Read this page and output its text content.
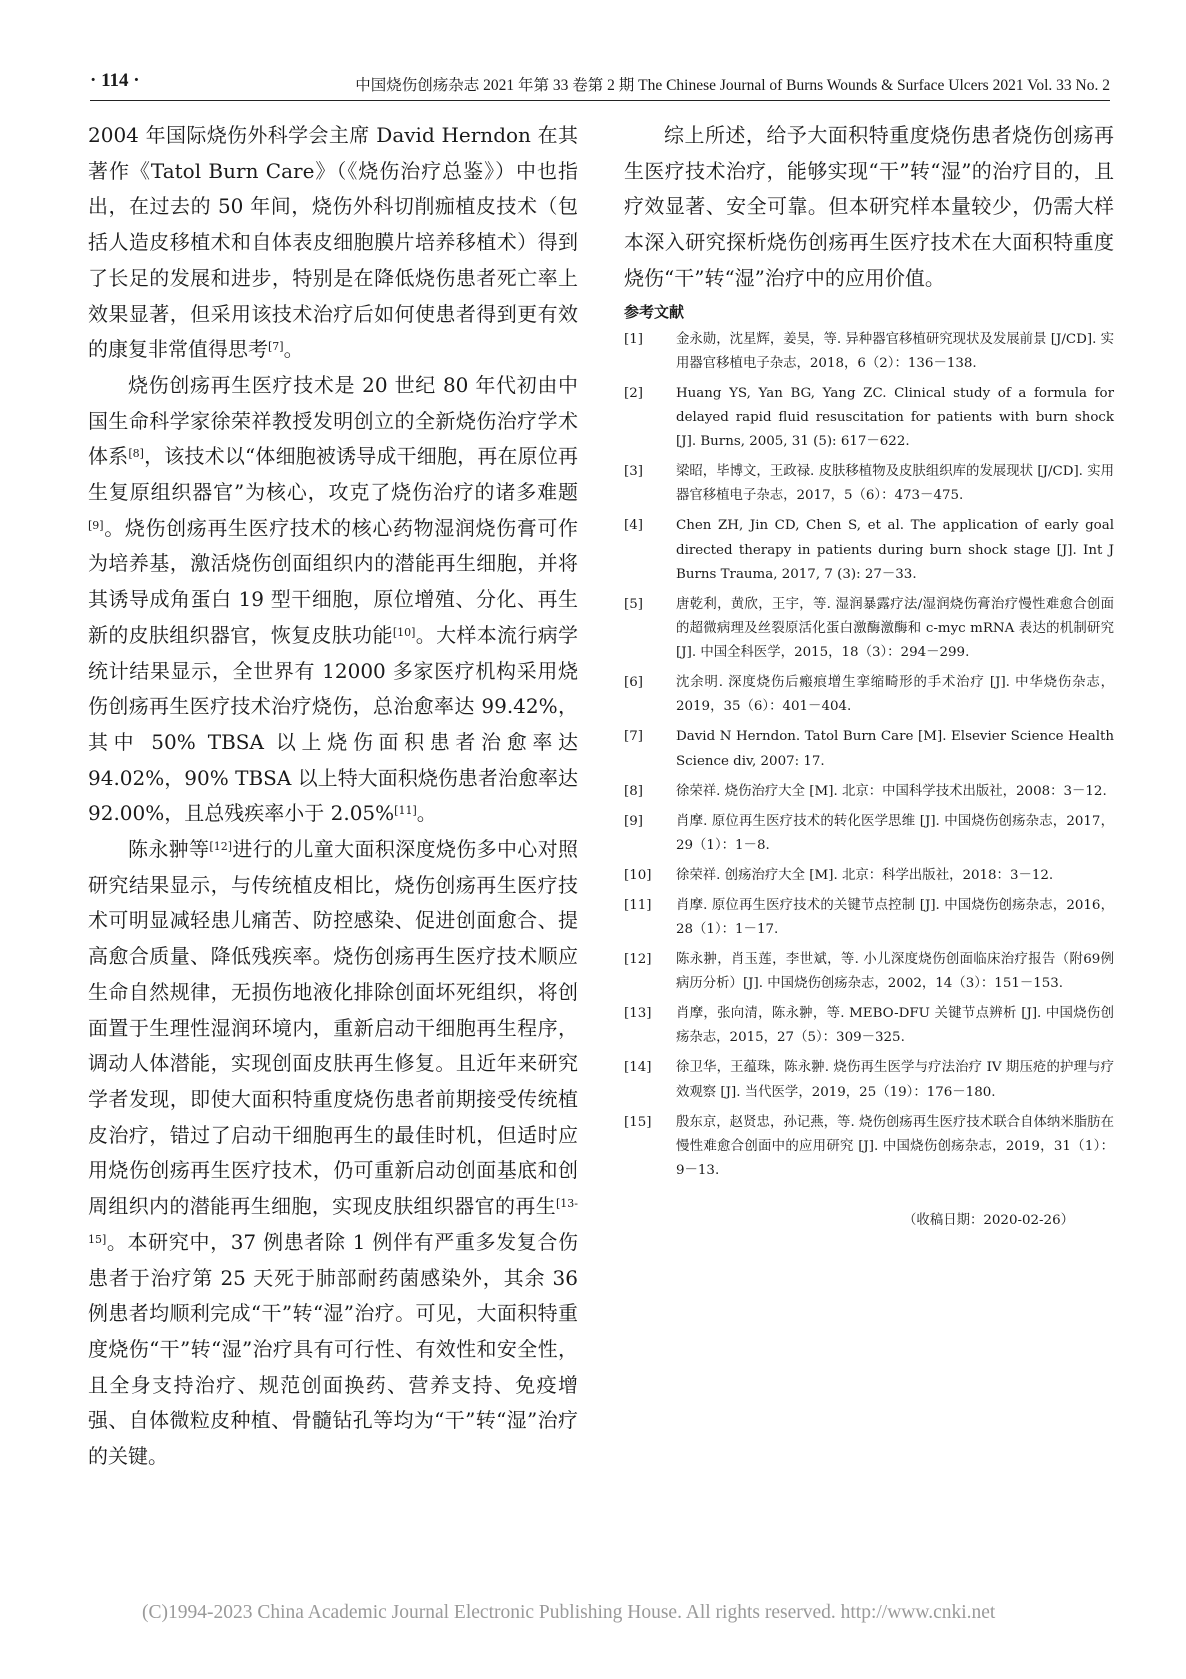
· 114 ·	中国烧伤创疡杂志 2021 年第 33 卷第 2 期 The Chinese Journal of Burns Wounds & Surface Ulcers 2021 Vol. 33 No. 2

2004 年国际烧伤外科学会主席 David Herndon 在其著作《Tatol Burn Care》（《烧伤治疗总鉴》）中也指出，在过去的 50 年间，烧伤外科切削痂植皮技术（包括人造皮移植术和自体表皮细胞膜片培养移植术）得到了长足的发展和进步，特别是在降低烧伤患者死亡率上效果显著，但采用该技术治疗后如何使患者得到更有效的康复非常值得思考[7]。

烧伤创疡再生医疗技术是 20 世纪 80 年代初由中国生命科学家徐荣祥教授发明创立的全新烧伤治疗学术体系[8]，该技术以“体细胞被诱导成干细胞，再在原位再生复原组织器官”为核心，攻克了烧伤治疗的诸多难题[9]。烧伤创疡再生医疗技术的核心药物湿润烧伤膏可作为培养基，激活烧伤创面组织内的潜能再生细胞，并将其诱导成角蛋白 19 型干细胞，原位增殖、分化、再生新的皮肤组织器官，恢复皮肤功能[10]。大样本流行病学统计结果显示，全世界有 12000 多家医疗机构采用烧伤创疡再生医疗技术治疗烧伤，总治愈率达 99.42%，其中 50% TBSA 以上烧伤面积患者治愈率达 94.02%，90% TBSA 以上特大面积烧伤患者治愈率达 92.00%，且总残疾率小于 2.05%[11]。

陈永翀等[12]进行的儿童大面积深度烧伤多中心对照研究结果显示，与传统植皮相比，烧伤创疡再生医疗技术可明显减轻患儿痛苦、防控感染、促进创面愈合、提高愈合质量、降低残疾率。烧伤创疡再生医疗技术顺应生命自然规律，无损伤地液化排除创面坏死组织，将创面置于生理性湿润环境内，重新启动干细胞再生程序，调动人体潜能，实现创面皮肤再生修复。且近年来研究学者发现，即使大面积特重度烧伤患者前期接受传统植皮治疗，错过了启动干细胞再生的最佳时机，但适时应用烧伤创疡再生医疗技术，仍可重新启动创面基底和创周组织内的潜能再生细胞，实现皮肤组织器官的再生[13-15]。本研究中，37 例患者除 1 例伴有严重多发复合伤患者于治疗第 25 天死于肺部耐药菌感染外，其余 36 例患者均顺利完成“干”转“湿”治疗。可见，大面积特重度烧伤“干”转“湿”治疗具有可行性、有效性和安全性，且全身支持治疗、规范创面换药、营养支持、免疫增强、自体微粒皮种植、骨髓钻孔等均为“干”转“湿”治疗的关键。

综上所述，给予大面积特重度烧伤患者烧伤创疡再生医疗技术治疗，能够实现“干”转“湿”的治疗目的，且疗效显著、安全可靠。但本研究样本量较少，仍需大样本深入研究探析烧伤创疡再生医疗技术在大面积特重度烧伤“干”转“湿”治疗中的应用价值。

参考文献
[1]	金永勋，沈星辉，姜昊，等. 异种器官移植研究现状及发展前景 [J/CD]. 实用器官移植电子杂志，2018，6（2）：136－138.
[2]	Huang YS, Yan BG, Yang ZC. Clinical study of a formula for delayed rapid fluid resuscitation for patients with burn shock [J]. Burns, 2005, 31 (5): 617－622.
[3]	梁昭，毕博文，王政禄. 皮肤移植物及皮肤组织库的发展现状 [J/CD]. 实用器官移植电子杂志，2017，5（6）：473－475.
[4]	Chen ZH, Jin CD, Chen S, et al. The application of early goal directed therapy in patients during burn shock stage [J]. Int J Burns Trauma, 2017, 7 (3): 27－33.
[5]	唐乾利，黄欣，王宇，等. 湿润暴露疗法/湿润烧伤膏治疗慢性难愈合创面的超微病理及丝裂原活化蛋白激酶激酶和 c-myc mRNA 表达的机制研究 [J]. 中国全科医学，2015，18（3）：294－299.
[6]	沈余明. 深度烧伤后瘢痕增生挛缩畸形的手术治疗 [J]. 中华烧伤杂志，2019，35（6）：401－404.
[7]	David N Herndon. Tatol Burn Care [M]. Elsevier Science Health Science div, 2007: 17.
[8]	徐荣祥. 烧伤治疗大全 [M]. 北京：中国科学技术出版社，2008：3－12.
[9]	肖摩. 原位再生医疗技术的转化医学思维 [J]. 中国烧伤创疡杂志，2017，29（1）：1－8.
[10]	徐荣祥. 创疡治疗大全 [M]. 北京：科学出版社，2018：3－12.
[11]	肖摩. 原位再生医疗技术的关键节点控制 [J]. 中国烧伤创疡杂志，2016，28（1）：1－17.
[12]	陈永翀，肖玉莲，李世斌，等. 小儿深度烧伤创面临床治疗报告（附69例病历分析）[J]. 中国烧伤创疡杂志，2002，14（3）：151－153.
[13]	肖摩，张向清，陈永翀，等. MEBO-DFU 关键节点辨析 [J]. 中国烧伤创疡杂志，2015，27（5）：309－325.
[14]	徐卫华，王蕴珠，陈永翀. 烧伤再生医学与疗法治疗 IV 期压疮的护理与疗效观察 [J]. 当代医学，2019，25（19）：176－180.
[15]	殷东京，赵贤忠，孙记燕，等. 烧伤创疡再生医疗技术联合自体纳米脂肪在慢性难愈合创面中的应用研究 [J]. 中国烧伤创疡杂志，2019，31（1）：9－13.
（收稿日期：2020-02-26）
(C)1994-2023 China Academic Journal Electronic Publishing House. All rights reserved. http://www.cnki.net
